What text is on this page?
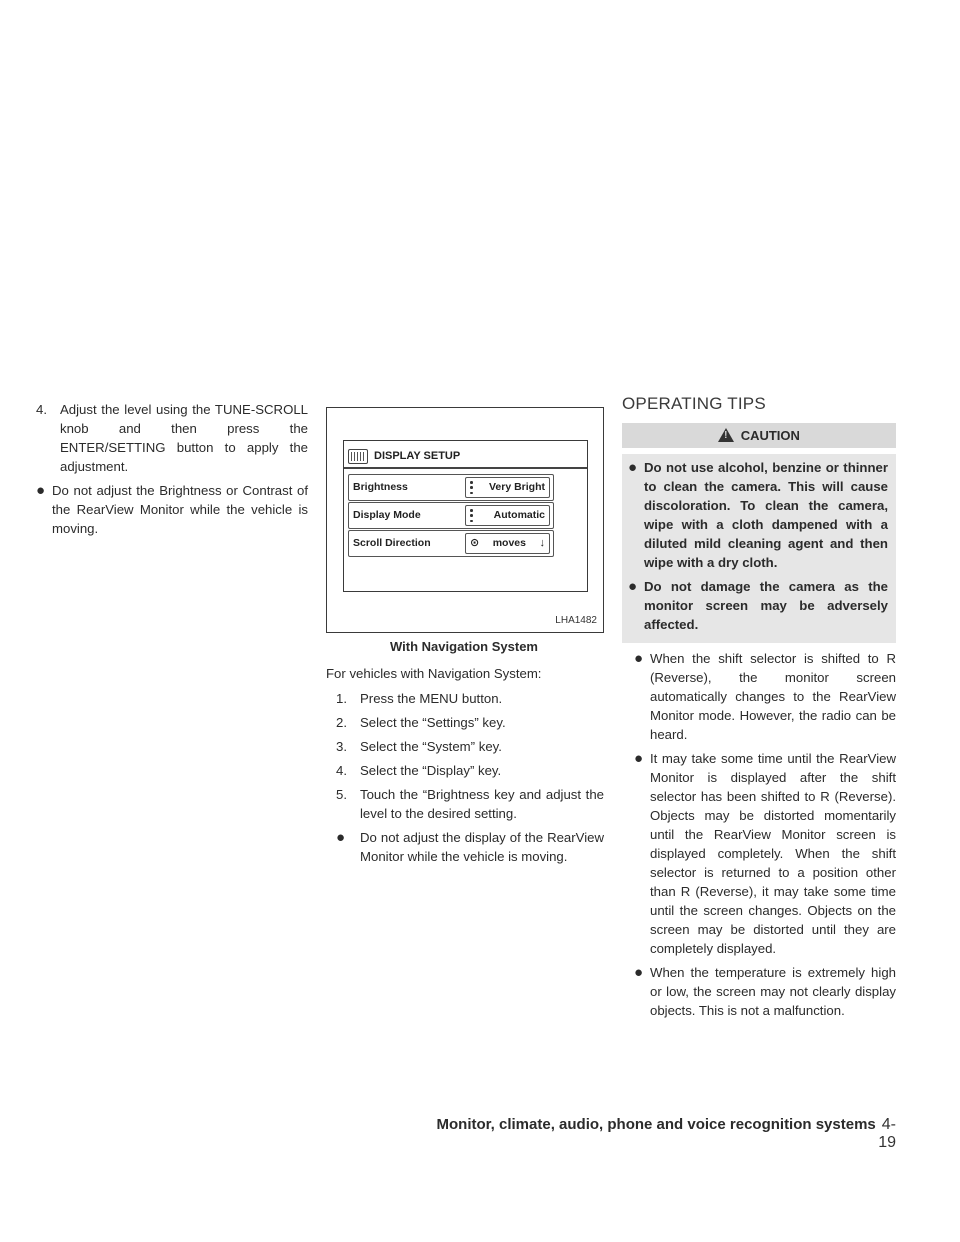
4. Adjust the level using the TUNE-SCROLL knob and then press the ENTER/SETTING button to apply the adjustment.
● Do not adjust the Brightness or Contrast of the RearView Monitor while the vehicle is moving.
DISPLAY SETUP
Brightness	Very Bright
Display Mode	Automatic
Scroll Direction	⊙ moves ↓
LHA1482
With Navigation System
For vehicles with Navigation System:
1. Press the MENU button.
2. Select the “Settings” key.
3. Select the “System” key.
4. Select the “Display” key.
5. Touch the “Brightness key and adjust the level to the desired setting.
● Do not adjust the display of the RearView Monitor while the vehicle is moving.
OPERATING TIPS
! CAUTION
● Do not use alcohol, benzine or thinner to clean the camera. This will cause discoloration. To clean the camera, wipe with a cloth dampened with a diluted mild cleaning agent and then wipe with a dry cloth.
● Do not damage the camera as the monitor screen may be adversely affected.
● When the shift selector is shifted to R (Reverse), the monitor screen automatically changes to the RearView Monitor mode. However, the radio can be heard.
● It may take some time until the RearView Monitor is displayed after the shift selector has been shifted to R (Reverse). Objects may be distorted momentarily until the RearView Monitor screen is displayed completely. When the shift selector is returned to a position other than R (Reverse), it may take some time until the screen changes. Objects on the screen may be distorted until they are completely displayed.
● When the temperature is extremely high or low, the screen may not clearly display objects. This is not a malfunction.
Monitor, climate, audio, phone and voice recognition systems 4-19
